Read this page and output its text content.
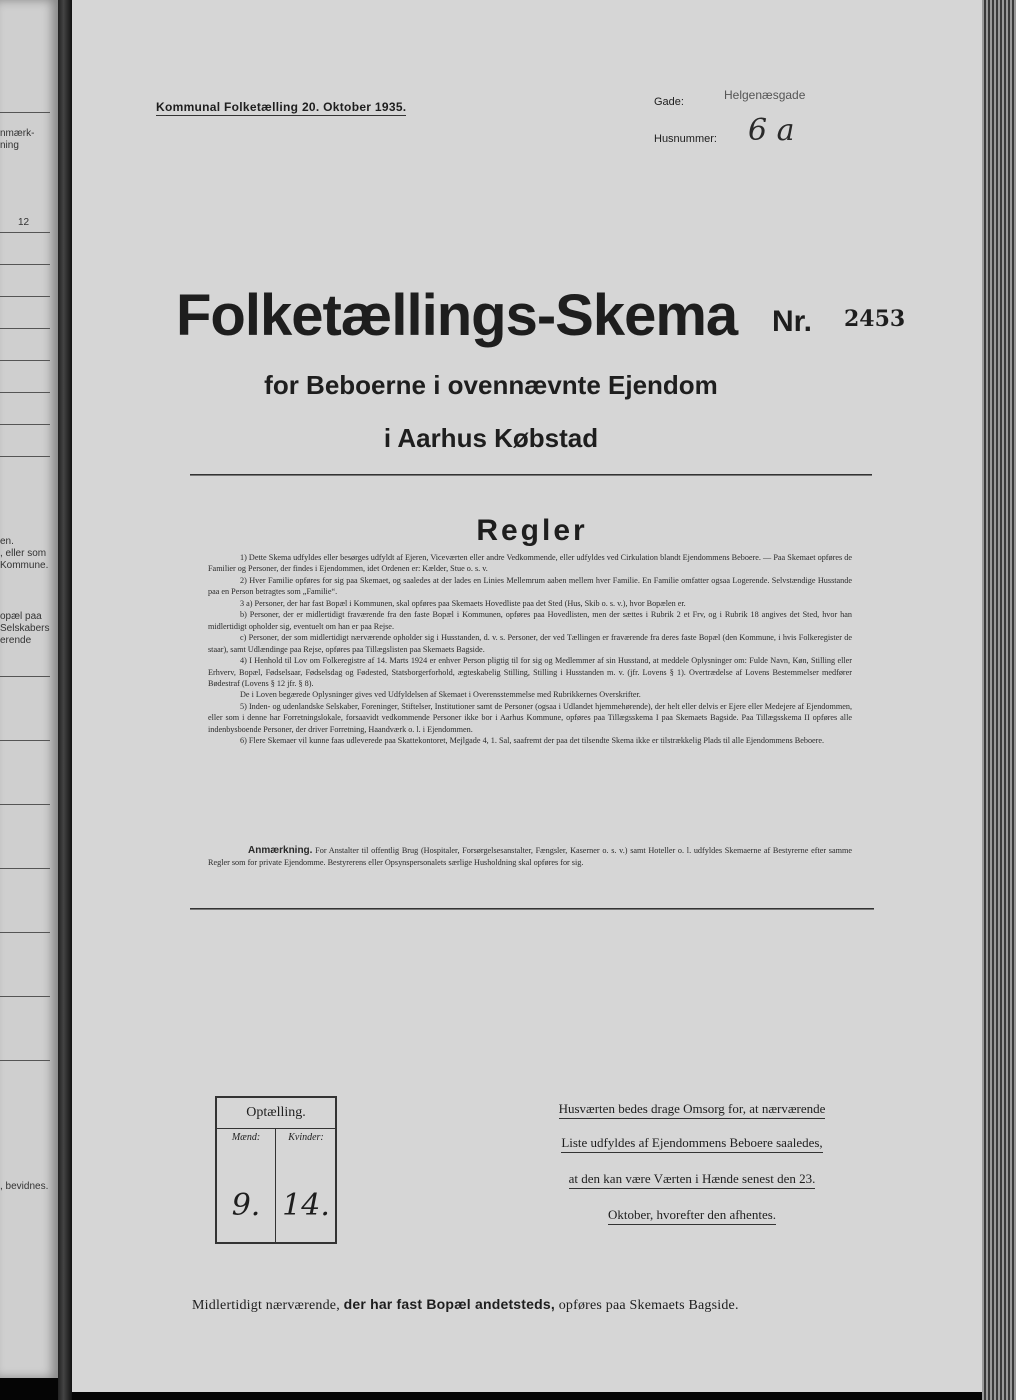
nmærk-
ning
12
en.
, eller som
Kommune.
opæl paa
Selskabers
erende
, bevidnes.
Kommunal Folketælling 20. Oktober 1935.	Gade:	Helgenæsgade
Husnummer: 6 a
Folketællings-Skema Nr. 2453
for Beboerne i ovennævnte Ejendom
i Aarhus Købstad
Regler

1) Dette Skema udfyldes eller besørges udfyldt af Ejeren, Viceværten eller andre Vedkommende, eller udfyldes ved Cirkulation blandt Ejendommens Beboere. — Paa Skemaet opføres de Familier og Personer, der findes i Ejendommen, idet Ordenen er: Kælder, Stue o. s. v.

2) Hver Familie opføres for sig paa Skemaet, og saaledes at der lades en Linies Mellemrum aaben mellem hver Familie. En Familie omfatter ogsaa Logerende. Selvstændige Husstande paa en Person betragtes som „Familie“.

3 a) Personer, der har fast Bopæl i Kommunen, skal opføres paa Skemaets Hovedliste paa det Sted (Hus, Skib o. s. v.), hvor Bopælen er.

b) Personer, der er midlertidigt fraværende fra den faste Bopæl i Kommunen, opføres paa Hovedlisten, men der sættes i Rubrik 2 et Frv, og i Rubrik 18 angives det Sted, hvor han midlertidigt opholder sig, eventuelt om han er paa Rejse.

c) Personer, der som midlertidigt nærværende opholder sig i Husstanden, d. v. s. Personer, der ved Tællingen er fraværende fra deres faste Bopæl (den Kommune, i hvis Folkeregister de staar), samt Udlændinge paa Rejse, opføres paa Tillægslisten paa Skemaets Bagside.

4) I Henhold til Lov om Folkeregistre af 14. Marts 1924 er enhver Person pligtig til for sig og Medlemmer af sin Husstand, at meddele Oplysninger om: Fulde Navn, Køn, Stilling eller Erhverv, Bopæl, Fødselsaar, Fødselsdag og Fødested, Statsborgerforhold, ægteskabelig Stilling, Stilling i Husstanden m. v. (jfr. Lovens § 1). Overtrædelse af Lovens Bestemmelser medfører Bødestraf (Lovens § 12 jfr. § 8).

De i Loven begærede Oplysninger gives ved Udfyldelsen af Skemaet i Overensstemmelse med Rubrikkernes Overskrifter.

5) Inden- og udenlandske Selskaber, Foreninger, Stiftelser, Institutioner samt de Personer (ogsaa i Udlandet hjemmehørende), der helt eller delvis er Ejere eller Medejere af Ejendommen, eller som i denne har Forretningslokale, forsaavidt vedkommende Personer ikke bor i Aarhus Kommune, opføres paa Tillægsskema I paa Skemaets Bagside. Paa Tillægsskema II opføres alle indenbysboende Personer, der driver Forretning, Haandværk o. l. i Ejendommen.

6) Flere Skemaer vil kunne faas udleverede paa Skattekontoret, Mejlgade 4, 1. Sal, saafremt der paa det tilsendte Skema ikke er tilstrækkelig Plads til alle Ejendommens Beboere.

Anmærkning. For Anstalter til offentlig Brug (Hospitaler, Forsørgelsesanstalter, Fængsler, Kaserner o. s. v.) samt Hoteller o. l. udfyldes Skemaerne af Bestyrerne efter samme Regler som for private Ejendomme. Bestyrerens eller Opsynspersonalets særlige Husholdning skal opføres for sig.
Optælling.
Mænd:
9.
Kvinder:
14.
Husværten bedes drage Omsorg for, at nærværende
Liste udfyldes af Ejendommens Beboere saaledes,
at den kan være Værten i Hænde senest den 23.
Oktober, hvorefter den afhentes.
Midlertidigt nærværende, der har fast Bopæl andetsteds, opføres paa Skemaets Bagside.
